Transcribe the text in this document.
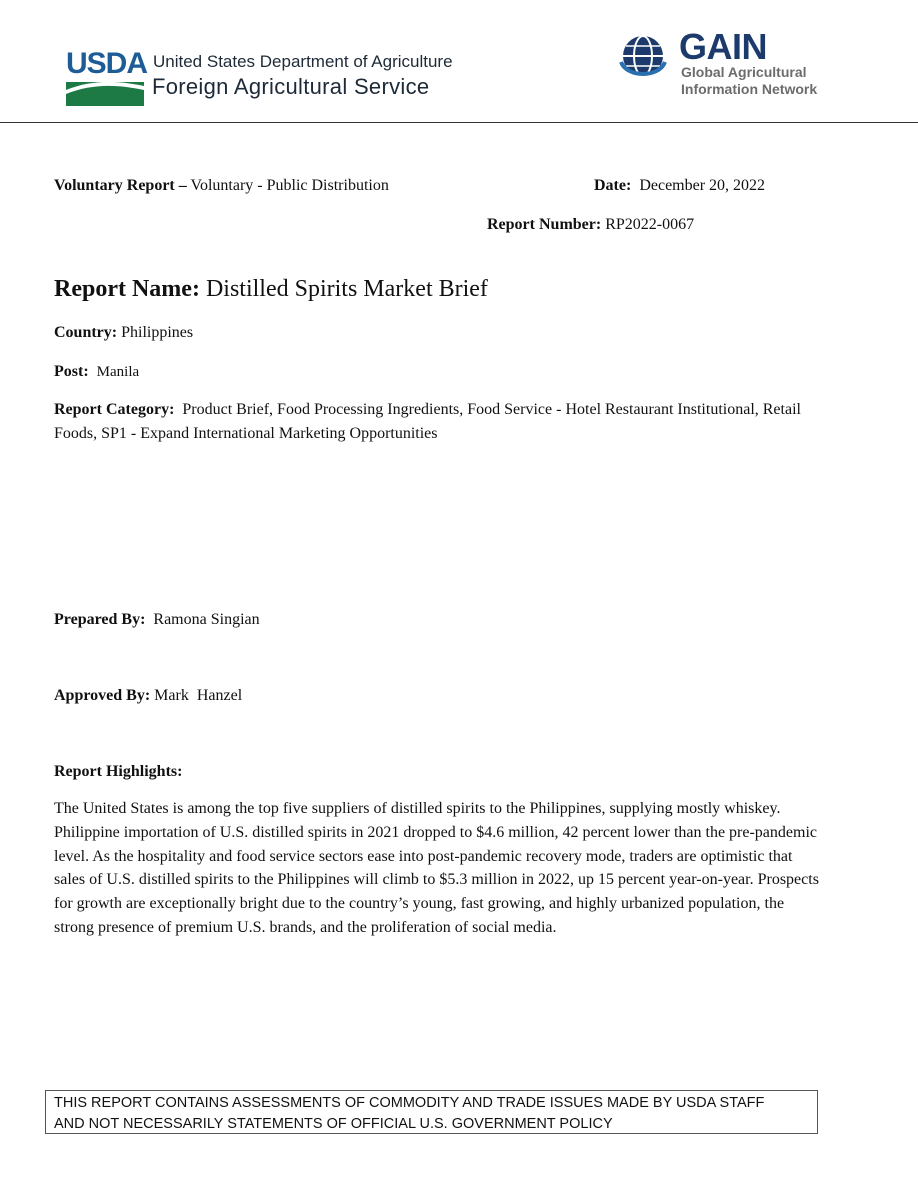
USDA United States Department of Agriculture
Foreign Agricultural Service
GAIN
Global Agricultural
Information Network
Voluntary Report – Voluntary - Public Distribution	Date: December 20, 2022
Report Number: RP2022-0067
Report Name: Distilled Spirits Market Brief
Country: Philippines
Post: Manila
Report Category: Product Brief, Food Processing Ingredients, Food Service - Hotel Restaurant Institutional, Retail Foods, SP1 - Expand International Marketing Opportunities
Prepared By: Ramona Singian
Approved By: Mark  Hanzel
Report Highlights:
The United States is among the top five suppliers of distilled spirits to the Philippines, supplying mostly whiskey. Philippine importation of U.S. distilled spirits in 2021 dropped to $4.6 million, 42 percent lower than the pre-pandemic level. As the hospitality and food service sectors ease into post-pandemic recovery mode, traders are optimistic that sales of U.S. distilled spirits to the Philippines will climb to $5.3 million in 2022, up 15 percent year-on-year. Prospects for growth are exceptionally bright due to the country’s young, fast growing, and highly urbanized population, the strong presence of premium U.S. brands, and the proliferation of social media.
THIS REPORT CONTAINS ASSESSMENTS OF COMMODITY AND TRADE ISSUES MADE BY USDA STAFF
AND NOT NECESSARILY STATEMENTS OF OFFICIAL U.S. GOVERNMENT POLICY
